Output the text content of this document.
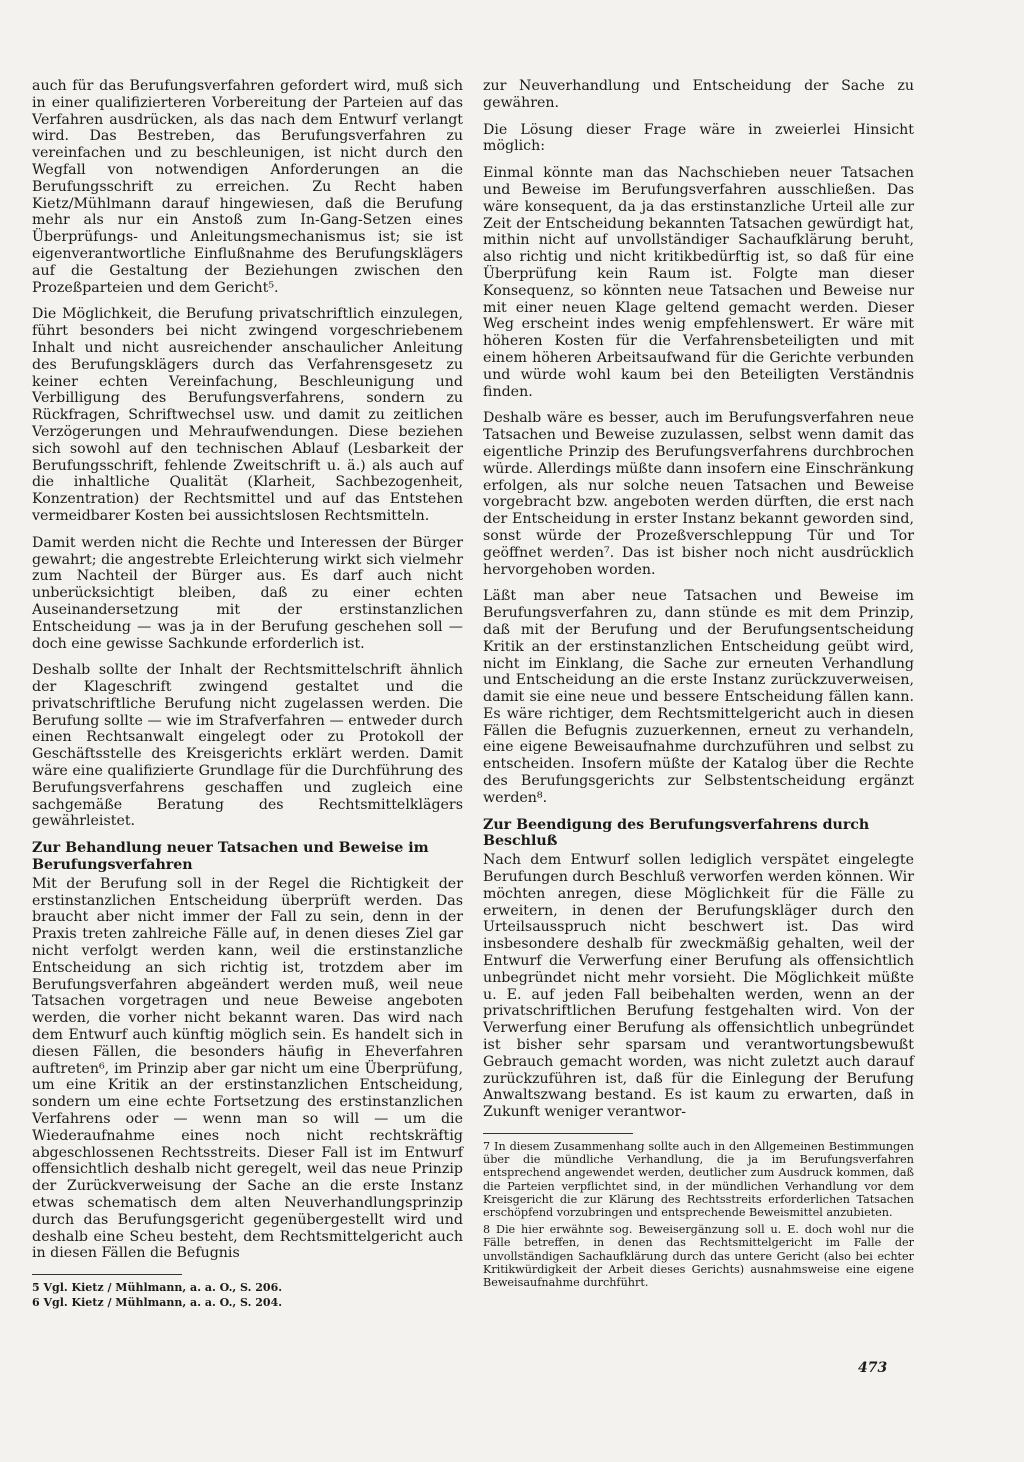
auch für das Berufungsverfahren gefordert wird, muß sich in einer qualifizierteren Vorbereitung der Parteien auf das Verfahren ausdrücken, als das nach dem Entwurf verlangt wird. Das Bestreben, das Berufungsverfahren zu vereinfachen und zu beschleunigen, ist nicht durch den Wegfall von notwendigen Anforderungen an die Berufungsschrift zu erreichen. Zu Recht haben Kietz/Mühlmann darauf hingewiesen, daß die Berufung mehr als nur ein Anstoß zum In-Gang-Setzen eines Überprüfungs- und Anleitungsmechanismus ist; sie ist eigenverantwortliche Einflußnahme des Berufungsklägers auf die Gestaltung der Beziehungen zwischen den Prozeßparteien und dem Gericht⁵.

Die Möglichkeit, die Berufung privatschriftlich einzulegen, führt besonders bei nicht zwingend vorgeschriebenem Inhalt und nicht ausreichender anschaulicher Anleitung des Berufungsklägers durch das Verfahrensgesetz zu keiner echten Vereinfachung, Beschleunigung und Verbilligung des Berufungsverfahrens, sondern zu Rückfragen, Schriftwechsel usw. und damit zu zeitlichen Verzögerungen und Mehraufwendungen. Diese beziehen sich sowohl auf den technischen Ablauf (Lesbarkeit der Berufungsschrift, fehlende Zweitschrift u. ä.) als auch auf die inhaltliche Qualität (Klarheit, Sachbezogenheit, Konzentration) der Rechtsmittel und auf das Entstehen vermeidbarer Kosten bei aussichtslosen Rechtsmitteln.

Damit werden nicht die Rechte und Interessen der Bürger gewahrt; die angestrebte Erleichterung wirkt sich vielmehr zum Nachteil der Bürger aus. Es darf auch nicht unberücksichtigt bleiben, daß zu einer echten Auseinandersetzung mit der erstinstanzlichen Entscheidung — was ja in der Berufung geschehen soll — doch eine gewisse Sachkunde erforderlich ist.

Deshalb sollte der Inhalt der Rechtsmittelschrift ähnlich der Klageschrift zwingend gestaltet und die privatschriftliche Berufung nicht zugelassen werden. Die Berufung sollte — wie im Strafverfahren — entweder durch einen Rechtsanwalt eingelegt oder zu Protokoll der Geschäftsstelle des Kreisgerichts erklärt werden. Damit wäre eine qualifizierte Grundlage für die Durchführung des Berufungsverfahrens geschaffen und zugleich eine sachgemäße Beratung des Rechtsmittelklägers gewährleistet.

Zur Behandlung neuer Tatsachen und Beweise im Berufungsverfahren

Mit der Berufung soll in der Regel die Richtigkeit der erstinstanzlichen Entscheidung überprüft werden. Das braucht aber nicht immer der Fall zu sein, denn in der Praxis treten zahlreiche Fälle auf, in denen dieses Ziel gar nicht verfolgt werden kann, weil die erstinstanzliche Entscheidung an sich richtig ist, trotzdem aber im Berufungsverfahren abgeändert werden muß, weil neue Tatsachen vorgetragen und neue Beweise angeboten werden, die vorher nicht bekannt waren. Das wird nach dem Entwurf auch künftig möglich sein. Es handelt sich in diesen Fällen, die besonders häufig in Eheverfahren auftreten⁶, im Prinzip aber gar nicht um eine Überprüfung, um eine Kritik an der erstinstanzlichen Entscheidung, sondern um eine echte Fortsetzung des erstinstanzlichen Verfahrens oder — wenn man so will — um die Wiederaufnahme eines noch nicht rechtskräftig abgeschlossenen Rechtsstreits. Dieser Fall ist im Entwurf offensichtlich deshalb nicht geregelt, weil das neue Prinzip der Zurückverweisung der Sache an die erste Instanz etwas schematisch dem alten Neuverhandlungsprinzip durch das Berufungsgericht gegenübergestellt wird und deshalb eine Scheu besteht, dem Rechtsmittelgericht auch in diesen Fällen die Befugnis

5 Vgl. Kietz / Mühlmann, a. a. O., S. 206.

6 Vgl. Kietz / Mühlmann, a. a. O., S. 204.

zur Neuverhandlung und Entscheidung der Sache zu gewähren.

Die Lösung dieser Frage wäre in zweierlei Hinsicht möglich:

Einmal könnte man das Nachschieben neuer Tatsachen und Beweise im Berufungsverfahren ausschließen. Das wäre konsequent, da ja das erstinstanzliche Urteil alle zur Zeit der Entscheidung bekannten Tatsachen gewürdigt hat, mithin nicht auf unvollständiger Sachaufklärung beruht, also richtig und nicht kritikbedürftig ist, so daß für eine Überprüfung kein Raum ist. Folgte man dieser Konsequenz, so könnten neue Tatsachen und Beweise nur mit einer neuen Klage geltend gemacht werden. Dieser Weg erscheint indes wenig empfehlenswert. Er wäre mit höheren Kosten für die Verfahrensbeteiligten und mit einem höheren Arbeitsaufwand für die Gerichte verbunden und würde wohl kaum bei den Beteiligten Verständnis finden.

Deshalb wäre es besser, auch im Berufungsverfahren neue Tatsachen und Beweise zuzulassen, selbst wenn damit das eigentliche Prinzip des Berufungsverfahrens durchbrochen würde. Allerdings müßte dann insofern eine Einschränkung erfolgen, als nur solche neuen Tatsachen und Beweise vorgebracht bzw. angeboten werden dürften, die erst nach der Entscheidung in erster Instanz bekannt geworden sind, sonst würde der Prozeßverschleppung Tür und Tor geöffnet werden⁷. Das ist bisher noch nicht ausdrücklich hervorgehoben worden.

Läßt man aber neue Tatsachen und Beweise im Berufungsverfahren zu, dann stünde es mit dem Prinzip, daß mit der Berufung und der Berufungsentscheidung Kritik an der erstinstanzlichen Entscheidung geübt wird, nicht im Einklang, die Sache zur erneuten Verhandlung und Entscheidung an die erste Instanz zurückzuverweisen, damit sie eine neue und bessere Entscheidung fällen kann. Es wäre richtiger, dem Rechtsmittelgericht auch in diesen Fällen die Befugnis zuzuerkennen, erneut zu verhandeln, eine eigene Beweisaufnahme durchzuführen und selbst zu entscheiden. Insofern müßte der Katalog über die Rechte des Berufungsgerichts zur Selbstentscheidung ergänzt werden⁸.

Zur Beendigung des Berufungsverfahrens durch Beschluß

Nach dem Entwurf sollen lediglich verspätet eingelegte Berufungen durch Beschluß verworfen werden können. Wir möchten anregen, diese Möglichkeit für die Fälle zu erweitern, in denen der Berufungskläger durch den Urteilsausspruch nicht beschwert ist. Das wird insbesondere deshalb für zweckmäßig gehalten, weil der Entwurf die Verwerfung einer Berufung als offensichtlich unbegründet nicht mehr vorsieht. Die Möglichkeit müßte u. E. auf jeden Fall beibehalten werden, wenn an der privatschriftlichen Berufung festgehalten wird. Von der Verwerfung einer Berufung als offensichtlich unbegründet ist bisher sehr sparsam und verantwortungsbewußt Gebrauch gemacht worden, was nicht zuletzt auch darauf zurückzuführen ist, daß für die Einlegung der Berufung Anwaltszwang bestand. Es ist kaum zu erwarten, daß in Zukunft weniger verantwor-

7 In diesem Zusammenhang sollte auch in den Allgemeinen Bestimmungen über die mündliche Verhandlung, die ja im Berufungsverfahren entsprechend angewendet werden, deutlicher zum Ausdruck kommen, daß die Parteien verpflichtet sind, in der mündlichen Verhandlung vor dem Kreisgericht die zur Klärung des Rechtsstreits erforderlichen Tatsachen erschöpfend vorzubringen und entsprechende Beweismittel anzubieten.

8 Die hier erwähnte sog. Beweisergänzung soll u. E. doch wohl nur die Fälle betreffen, in denen das Rechtsmittelgericht im Falle der unvollständigen Sachaufklärung durch das untere Gericht (also bei echter Kritikwürdigkeit der Arbeit dieses Gerichts) ausnahmsweise eine eigene Beweisaufnahme durchführt.

473
